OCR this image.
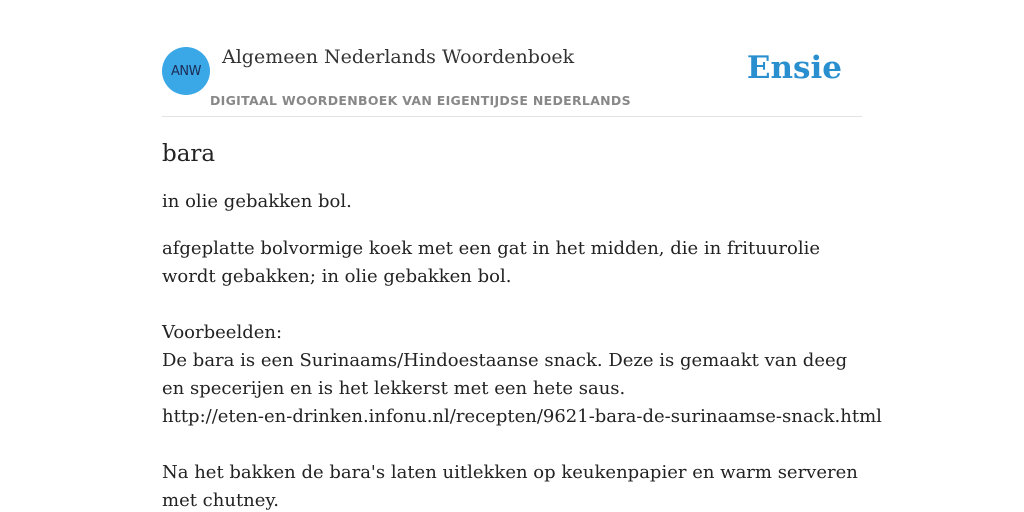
ANW
Algemeen Nederlands Woordenboek
DIGITAAL WOORDENBOEK VAN EIGENTIJDSE NEDERLANDS
Ensie
bara

in olie gebakken bol.

afgeplatte bolvormige koek met een gat in het midden, die in frituurolie wordt gebakken; in olie gebakken bol.
Voorbeelden:
De bara is een Surinaams/Hindoestaanse snack. Deze is gemaakt van deeg en specerijen en is het lekkerst met een hete saus.
http://eten-en-drinken.infonu.nl/recepten/9621-bara-de-surinaamse-snack.html
Na het bakken de bara's laten uitlekken op keukenpapier en warm serveren met chutney.
